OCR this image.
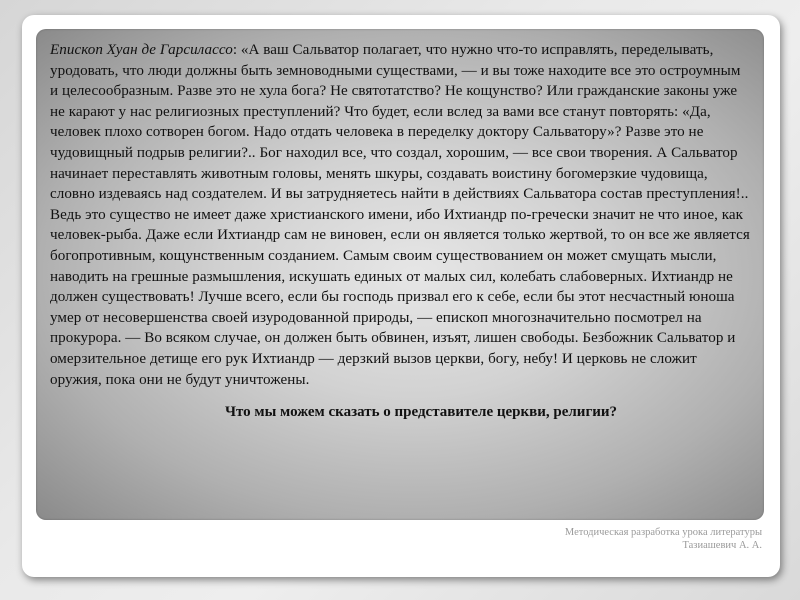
Епископ Хуан де Гарсилассо: «А ваш Сальватор полагает, что нужно что-то исправлять, переделывать, уродовать, что люди должны быть земноводными существами, — и вы тоже находите все это остроумным и целесообразным. Разве это не хула бога? Не святотатство? Не кощунство? Или гражданские законы уже не карают у нас религиозных преступлений? Что будет, если вслед за вами все станут повторять: «Да, человек плохо сотворен богом. Надо отдать человека в переделку доктору Сальватору»? Разве это не чудовищный подрыв религии?.. Бог находил все, что создал, хорошим, — все свои творения. А Сальватор начинает переставлять животным головы, менять шкуры, создавать воистину богомерзкие чудовища, словно издеваясь над создателем. И вы затрудняетесь найти в действиях Сальватора состав преступления!.. Ведь это существо не имеет даже христианского имени, ибо Ихтиандр по-гречески значит не что иное, как человек-рыба. Даже если Ихтиандр сам не виновен, если он является только жертвой, то он все же является богопротивным, кощунственным созданием. Самым своим существованием он может смущать мысли, наводить на грешные размышления, искушать единых от малых сил, колебать слабоверных. Ихтиандр не должен существовать! Лучше всего, если бы господь призвал его к себе, если бы этот несчастный юноша умер от несовершенства своей изуродованной природы, — епископ многозначительно посмотрел на прокурора. — Во всяком случае, он должен быть обвинен, изъят, лишен свободы. Безбожник Сальватор и омерзительное детище его рук Ихтиандр — дерзкий вызов церкви, богу, небу! И церковь не сложит оружия, пока они не будут уничтожены.

Что мы можем сказать о представителе церкви, религии?

Методическая разработка урока литературы
Тазиашевич А. А.
